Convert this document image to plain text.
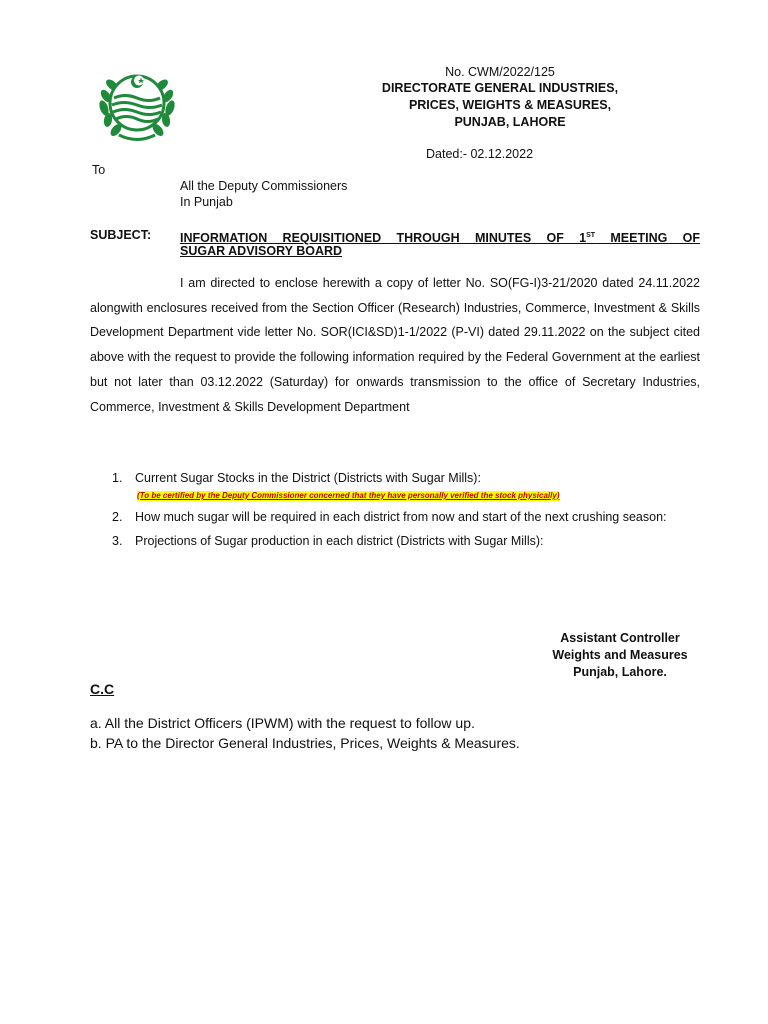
No. CWM/2022/125
DIRECTORATE GENERAL INDUSTRIES,
PRICES, WEIGHTS & MEASURES,
PUNJAB, LAHORE
Dated:- 02.12.2022
To
All the Deputy Commissioners
In Punjab
SUBJECT: INFORMATION REQUISITIONED THROUGH MINUTES OF 1ST MEETING OF
SUGAR ADVISORY BOARD
I am directed to enclose herewith a copy of letter No. SO(FG-I)3-21/2020 dated 24.11.2022 alongwith enclosures received from the Section Officer (Research) Industries, Commerce, Investment & Skills Development Department vide letter No. SOR(ICI&SD)1-1/2022 (P-VI) dated 29.11.2022 on the subject cited above with the request to provide the following information required by the Federal Government at the earliest but not later than 03.12.2022 (Saturday) for onwards transmission to the office of Secretary Industries, Commerce, Investment & Skills Development Department
1. Current Sugar Stocks in the District (Districts with Sugar Mills):
(To be certified by the Deputy Commissioner concerned that they have personally verified the stock physically)
2. How much sugar will be required in each district from now and start of the next crushing season:
3. Projections of Sugar production in each district (Districts with Sugar Mills):
Assistant Controller
Weights and Measures
Punjab, Lahore.
C.C
a. All the District Officers (IPWM) with the request to follow up.
b. PA to the Director General Industries, Prices, Weights & Measures.
